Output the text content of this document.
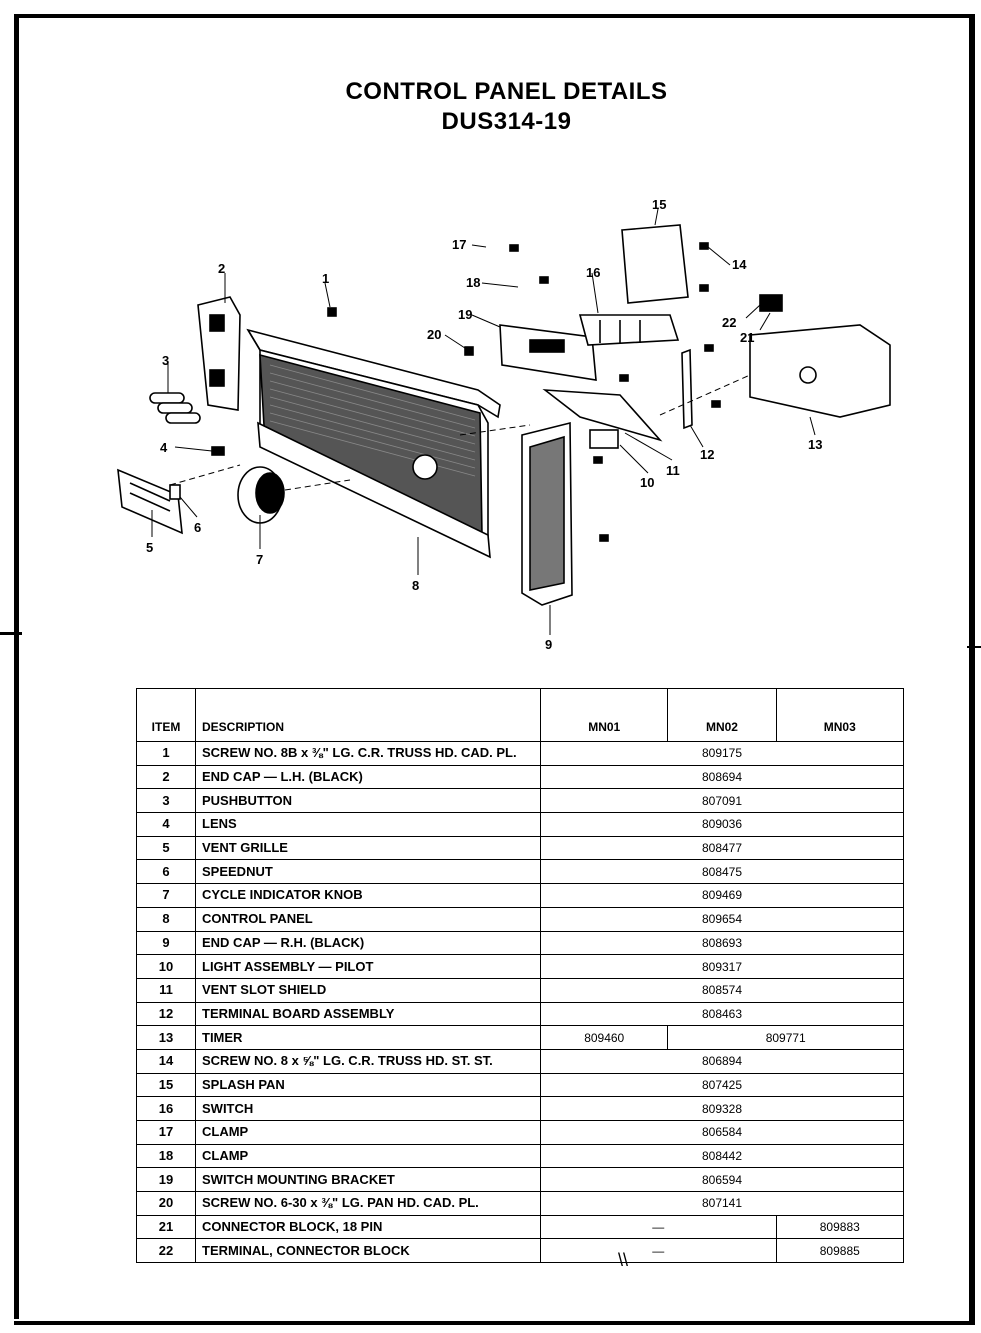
CONTROL PANEL DETAILS
DUS314-19
1
2
3
4
5
6
7
8
9
10
11
12
13
14
15
16
17
18
19
20	21
22
ITEM	DESCRIPTION	MN01	MN02	MN03
1	SCREW NO. 8B x ⅜" LG. C.R. TRUSS HD. CAD. PL.	809175		
2	END CAP — L.H. (BLACK)	808694		
3	PUSHBUTTON	807091		
4	LENS	809036		
5	VENT GRILLE	808477		
6	SPEEDNUT	808475		
7	CYCLE INDICATOR KNOB	809469		
8	CONTROL PANEL	809654		
9	END CAP — R.H. (BLACK)	808693		
10	LIGHT ASSEMBLY — PILOT	809317		
11	VENT SLOT SHIELD	808574		
12	TERMINAL BOARD ASSEMBLY	808463		
13	TIMER	809460	809771	
14	SCREW NO. 8 x ⅝" LG. C.R. TRUSS HD. ST. ST.	806894		
15	SPLASH PAN	807425		
16	SWITCH	809328		
17	CLAMP	806584		
18	CLAMP	808442		
19	SWITCH MOUNTING BRACKET	806594		
20	SCREW NO. 6-30 x ⅜" LG. PAN HD. CAD. PL.	807141		
21	CONNECTOR BLOCK, 18 PIN	—		809883
22	TERMINAL, CONNECTOR BLOCK	—		809885
\\
